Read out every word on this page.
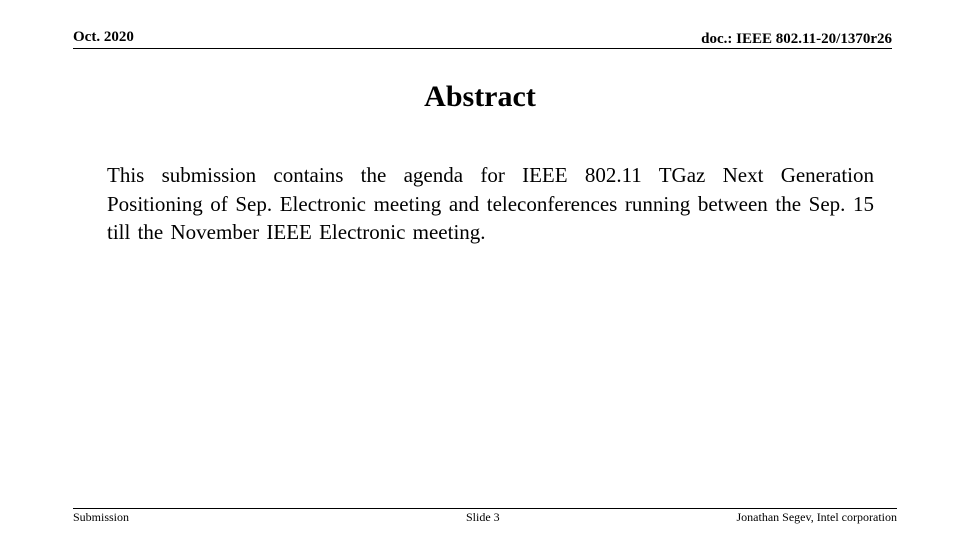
Oct. 2020	doc.: IEEE 802.11-20/1370r26
Abstract
This submission contains the agenda for IEEE 802.11 TGaz Next Generation Positioning of Sep. Electronic meeting and teleconferences running between the Sep. 15 till the November IEEE Electronic meeting.
Submission	Slide 3	Jonathan Segev, Intel corporation
